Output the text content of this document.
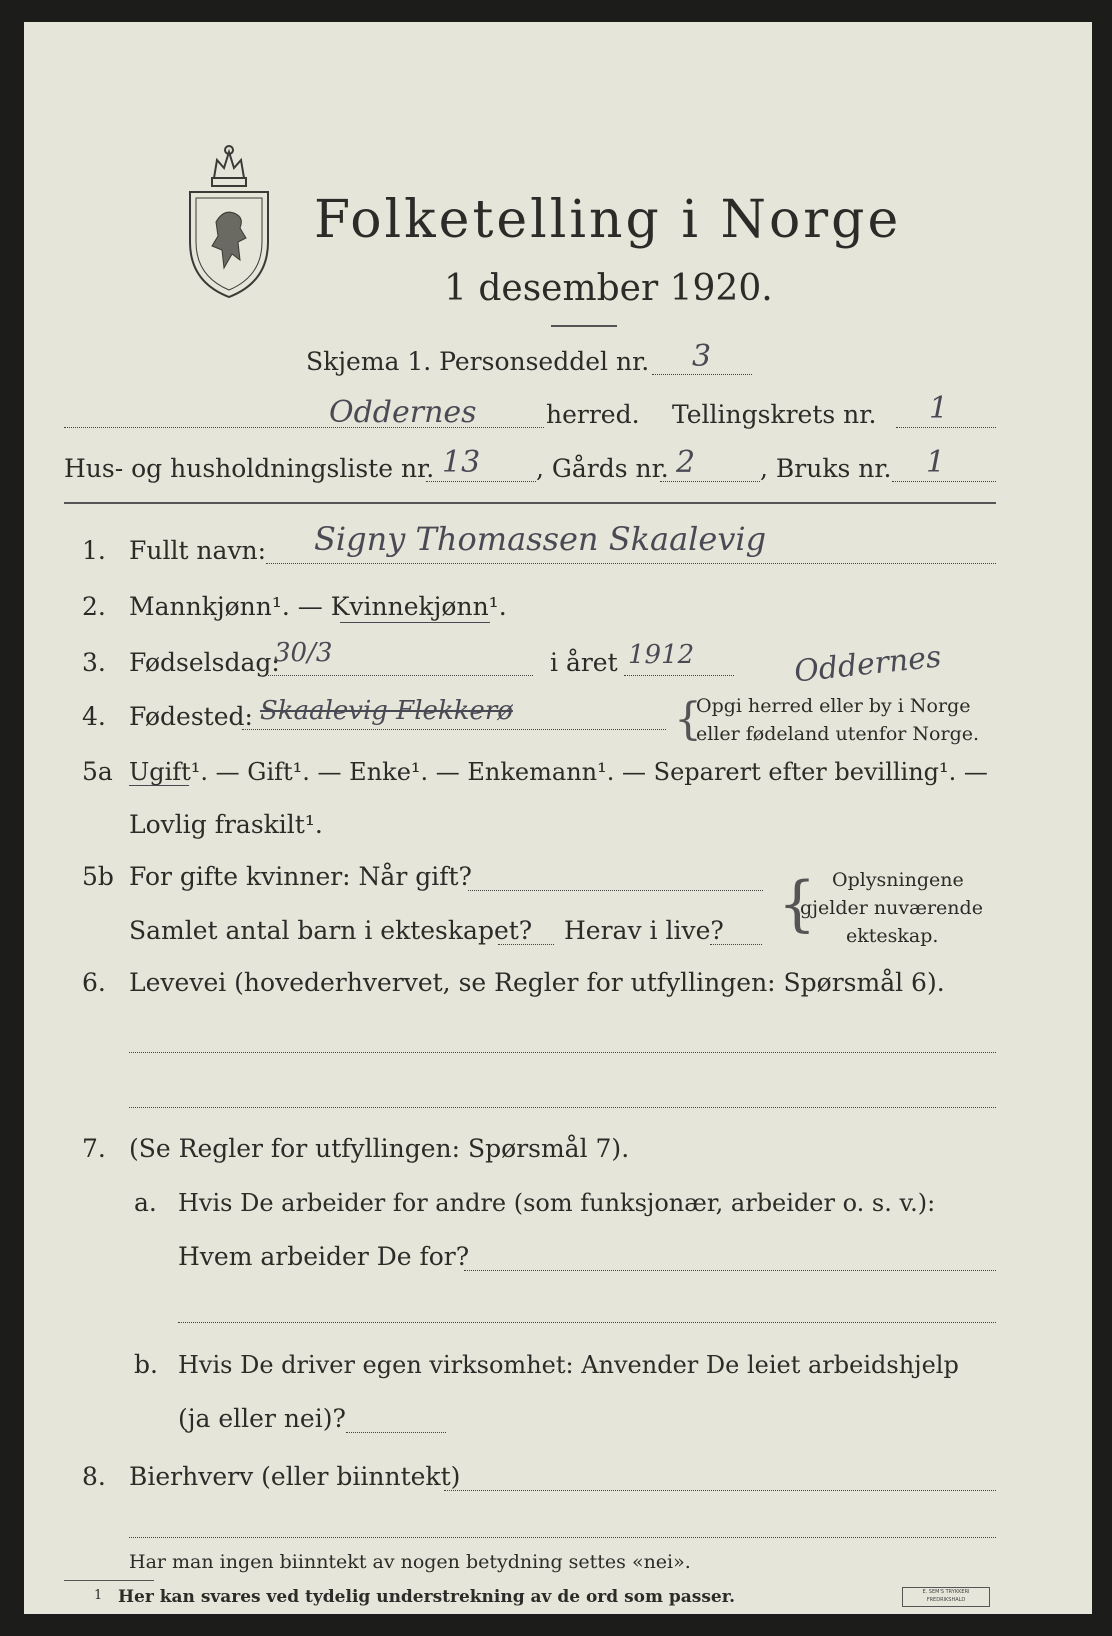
Folketelling i Norge
1 desember 1920.
Skjema 1. Personseddel nr. 3
Oddernes	herred. Tellingskrets nr. 1
Hus- og husholdningsliste nr. 13 , Gårds nr. 2	, Bruks nr. 1
1. Fullt navn: Signy Thomassen Skaalevig
2. Mannkjønn¹. — Kvinnekjønn¹.
3. Fødselsdag:
30/3	i året 1912
4. Fødested: Skaalevig Flekkerø
Oddernes
{
Opgi herred eller by i Norge
eller fødeland utenfor Norge.
5a Ugift¹. — Gift¹. — Enke¹. — Enkemann¹. — Separert efter bevilling¹. —
Lovlig fraskilt¹.
5b For gifte kvinner: Når gift?
Samlet antal barn i ekteskapet? Herav i live? { Oplysningene
gjelder nuværende
ekteskap.
6. Levevei (hovederhvervet, se Regler for utfyllingen: Spørsmål 6).
7. (Se Regler for utfyllingen: Spørsmål 7).
a. Hvis De arbeider for andre (som funksjonær, arbeider o. s. v.):
Hvem arbeider De for?
b. Hvis De driver egen virksomhet: Anvender De leiet arbeidshjelp
(ja eller nei)?
8. Bierhverv (eller biinntekt)
Har man ingen biinntekt av nogen betydning settes «nei».
1 Her kan svares ved tydelig understrekning av de ord som passer.	E. SEM'S TRYKKERI FREDRIKSHALD
